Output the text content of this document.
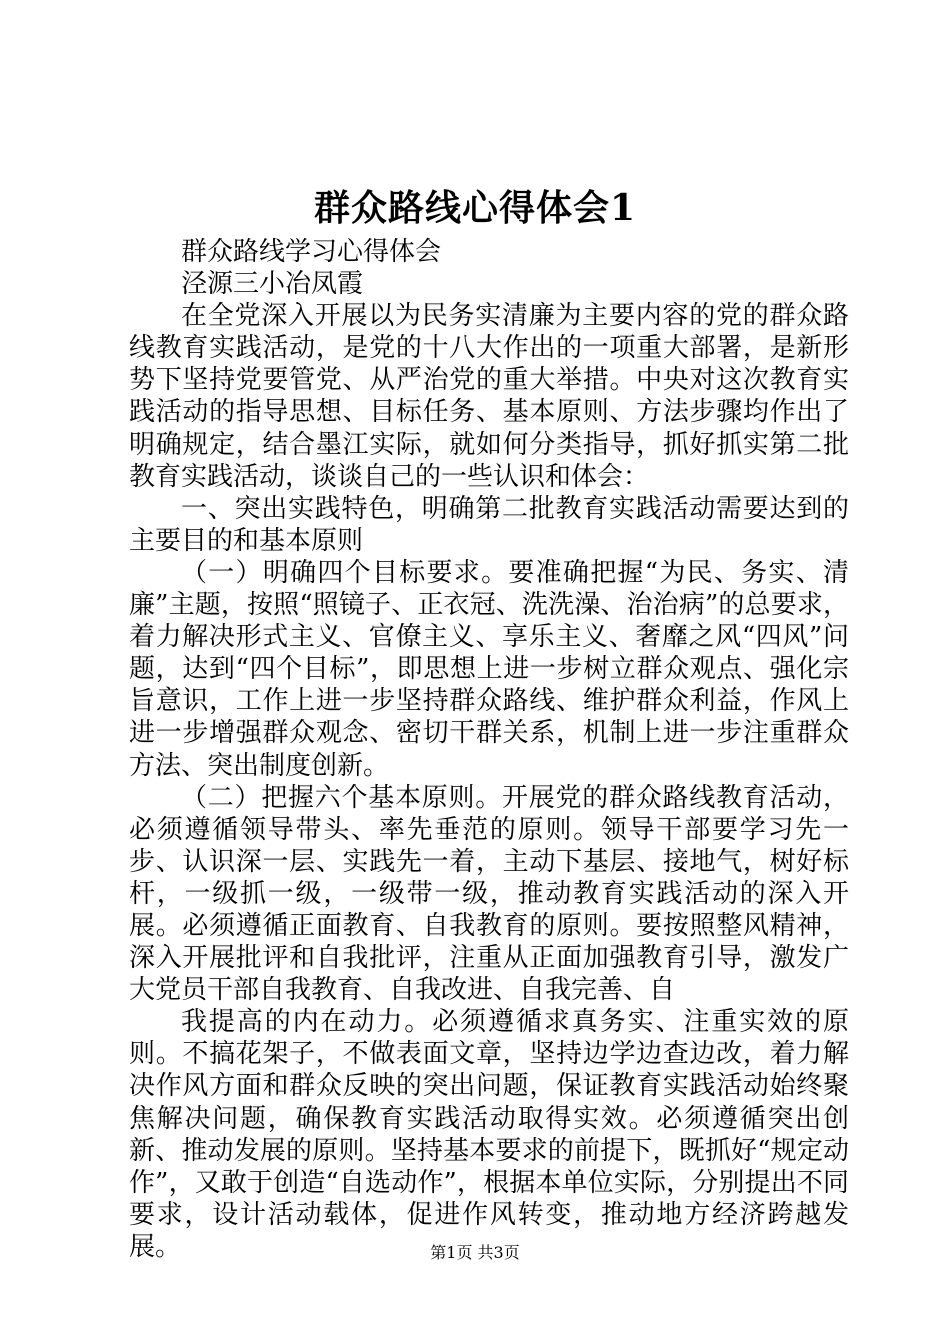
群众路线心得体会1

群众路线学习心得体会

泾源三小冶凤霞

在全党深入开展以为民务实清廉为主要内容的党的群众路线教育实践活动，是党的十八大作出的一项重大部署，是新形势下坚持党要管党、从严治党的重大举措。中央对这次教育实践活动的指导思想、目标任务、基本原则、方法步骤均作出了明确规定，结合墨江实际，就如何分类指导，抓好抓实第二批教育实践活动，谈谈自己的一些认识和体会：

一、突出实践特色，明确第二批教育实践活动需要达到的主要目的和基本原则

（一）明确四个目标要求。要准确把握“为民、务实、清廉”主题，按照“照镜子、正衣冠、洗洗澡、治治病”的总要求，着力解决形式主义、官僚主义、享乐主义、奢靡之风“四风”问题，达到“四个目标”，即思想上进一步树立群众观点、强化宗旨意识，工作上进一步坚持群众路线、维护群众利益，作风上进一步增强群众观念、密切干群关系，机制上进一步注重群众方法、突出制度创新。

（二）把握六个基本原则。开展党的群众路线教育活动，必须遵循领导带头、率先垂范的原则。领导干部要学习先一步、认识深一层、实践先一着，主动下基层、接地气，树好标杆，一级抓一级，一级带一级，推动教育实践活动的深入开展。必须遵循正面教育、自我教育的原则。要按照整风精神，深入开展批评和自我批评，注重从正面加强教育引导，激发广大党员干部自我教育、自我改进、自我完善、自

我提高的内在动力。必须遵循求真务实、注重实效的原则。不搞花架子，不做表面文章，坚持边学边查边改，着力解决作风方面和群众反映的突出问题，保证教育实践活动始终聚焦解决问题，确保教育实践活动取得实效。必须遵循突出创新、推动发展的原则。坚持基本要求的前提下，既抓好“规定动作”，又敢于创造“自选动作”，根据本单位实际，分别提出不同要求，设计活动载体，促进作风转变，推动地方经济跨越发展。	第1页 共3页
